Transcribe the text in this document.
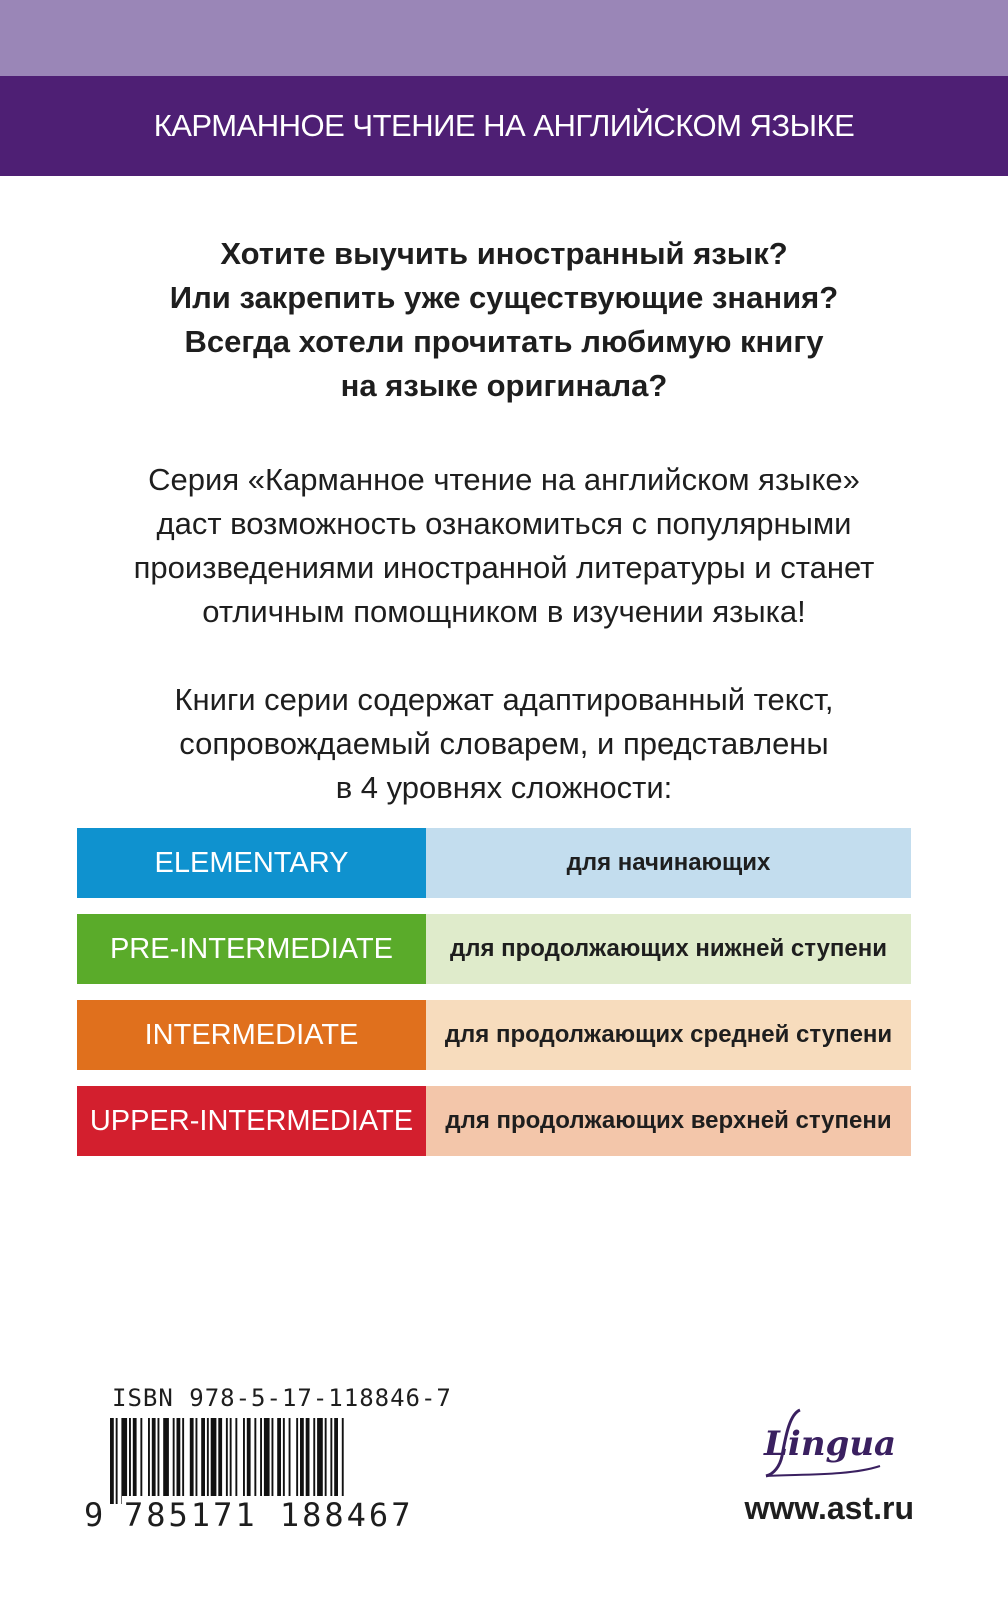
КАРМАННОЕ ЧТЕНИЕ НА АНГЛИЙСКОМ ЯЗЫКЕ
Хотите выучить иностранный язык?
Или закрепить уже существующие знания?
Всегда хотели прочитать любимую книгу
на языке оригинала?
Серия «Карманное чтение на английском языке»
даст возможность ознакомиться с популярными
произведениями иностранной литературы и станет
отличным помощником в изучении языка!
Книги серии содержат адаптированный текст,
сопровождаемый словарем, и представлены
в 4 уровнях сложности:
ELEMENTARY	для начинающих
PRE-INTERMEDIATE	для продолжающих нижней ступени
INTERMEDIATE	для продолжающих средней ступени
UPPER-INTERMEDIATE	для продолжающих верхней ступени
ISBN 978-5-17-118846-7
9 785171 188467
Lingua
www.ast.ru
